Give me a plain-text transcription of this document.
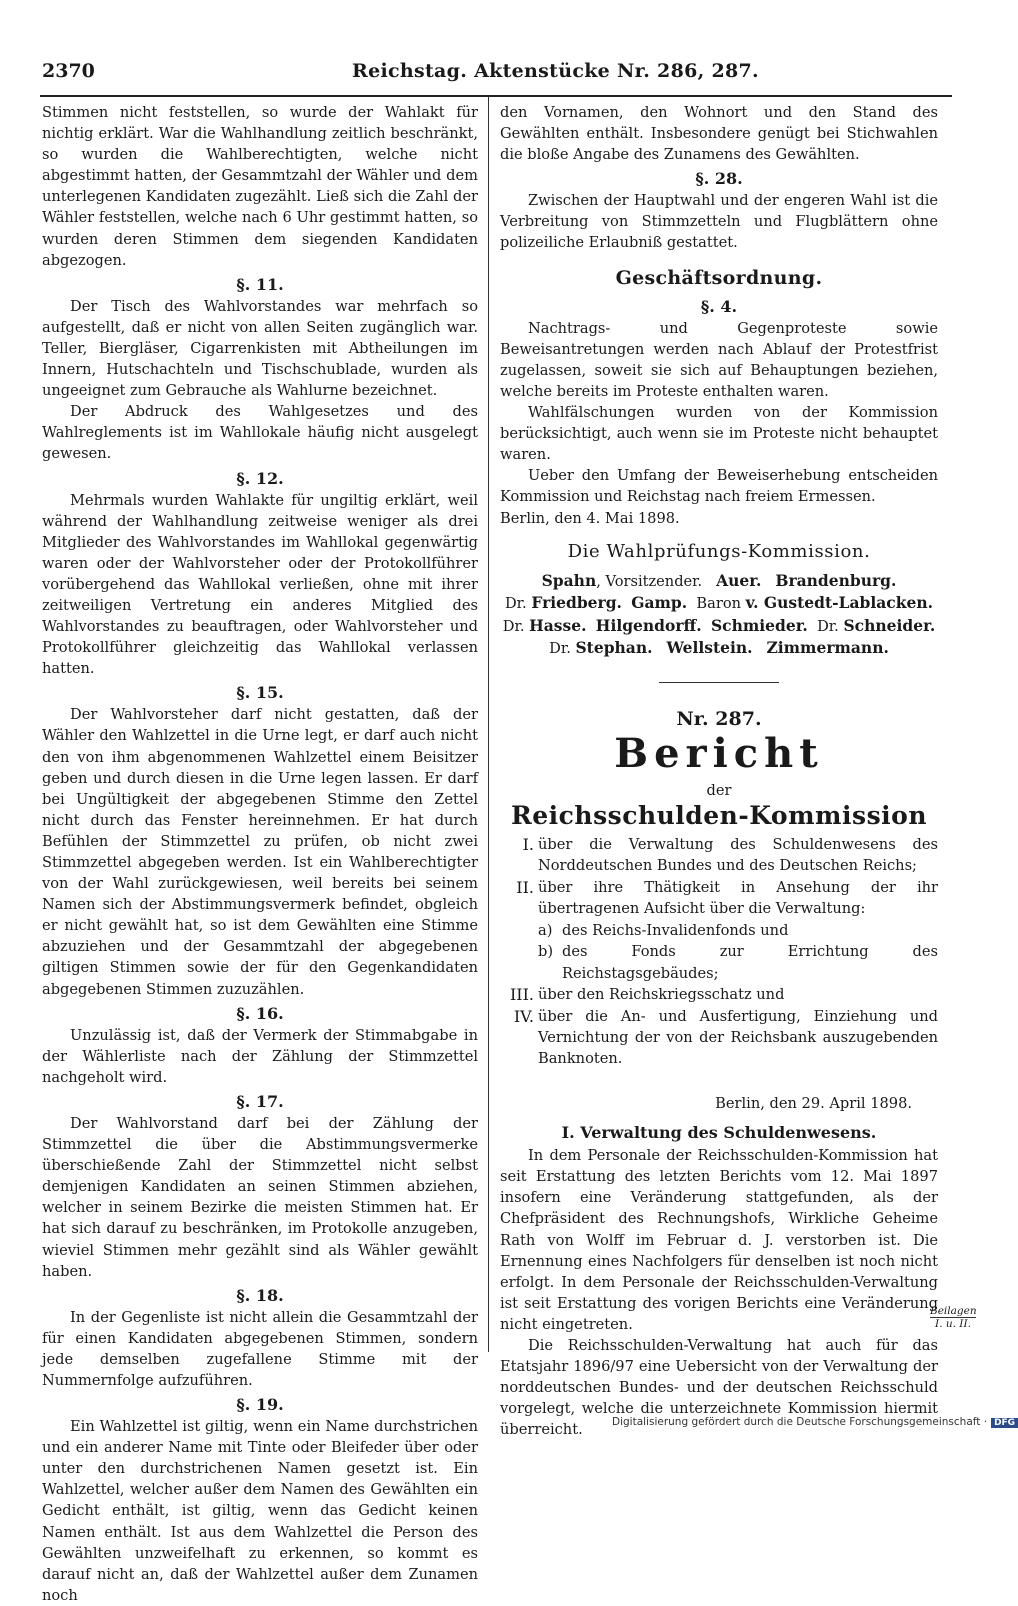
2370	Reichstag. Aktenstücke Nr. 286, 287.

Stimmen nicht feststellen, so wurde der Wahlakt für nichtig erklärt. War die Wahlhandlung zeitlich beschränkt, so wurden die Wahlberechtigten, welche nicht abgestimmt hatten, der Gesammtzahl der Wähler und dem unterlegenen Kandidaten zugezählt. Ließ sich die Zahl der Wähler feststellen, welche nach 6 Uhr gestimmt hatten, so wurden deren Stimmen dem siegenden Kandidaten abgezogen.

§. 11.

Der Tisch des Wahlvorstandes war mehrfach so aufgestellt, daß er nicht von allen Seiten zugänglich war. Teller, Biergläser, Cigarrenkisten mit Abtheilungen im Innern, Hutschachteln und Tischschublade, wurden als ungeeignet zum Gebrauche als Wahlurne bezeichnet.

Der Abdruck des Wahlgesetzes und des Wahlreglements ist im Wahllokale häufig nicht ausgelegt gewesen.

§. 12.

Mehrmals wurden Wahlakte für ungiltig erklärt, weil während der Wahlhandlung zeitweise weniger als drei Mitglieder des Wahlvorstandes im Wahllokal gegenwärtig waren oder der Wahlvorsteher oder der Protokollführer vorübergehend das Wahllokal verließen, ohne mit ihrer zeitweiligen Vertretung ein anderes Mitglied des Wahlvorstandes zu beauftragen, oder Wahlvorsteher und Protokollführer gleichzeitig das Wahllokal verlassen hatten.

§. 15.

Der Wahlvorsteher darf nicht gestatten, daß der Wähler den Wahlzettel in die Urne legt, er darf auch nicht den von ihm abgenommenen Wahlzettel einem Beisitzer geben und durch diesen in die Urne legen lassen. Er darf bei Ungültigkeit der abgegebenen Stimme den Zettel nicht durch das Fenster hereinnehmen. Er hat durch Befühlen der Stimmzettel zu prüfen, ob nicht zwei Stimmzettel abgegeben werden. Ist ein Wahlberechtigter von der Wahl zurückgewiesen, weil bereits bei seinem Namen sich der Abstimmungsvermerk befindet, obgleich er nicht gewählt hat, so ist dem Gewählten eine Stimme abzuziehen und der Gesammtzahl der abgegebenen giltigen Stimmen sowie der für den Gegenkandidaten abgegebenen Stimmen zuzuzählen.

§. 16.

Unzulässig ist, daß der Vermerk der Stimmabgabe in der Wählerliste nach der Zählung der Stimmzettel nachgeholt wird.

§. 17.

Der Wahlvorstand darf bei der Zählung der Stimmzettel die über die Abstimmungsvermerke überschießende Zahl der Stimmzettel nicht selbst demjenigen Kandidaten an seinen Stimmen abziehen, welcher in seinem Bezirke die meisten Stimmen hat. Er hat sich darauf zu beschränken, im Protokolle anzugeben, wieviel Stimmen mehr gezählt sind als Wähler gewählt haben.

§. 18.

In der Gegenliste ist nicht allein die Gesammtzahl der für einen Kandidaten abgegebenen Stimmen, sondern jede demselben zugefallene Stimme mit der Nummernfolge aufzuführen.

§. 19.

Ein Wahlzettel ist giltig, wenn ein Name durchstrichen und ein anderer Name mit Tinte oder Bleifeder über oder unter den durchstrichenen Namen gesetzt ist. Ein Wahlzettel, welcher außer dem Namen des Gewählten ein Gedicht enthält, ist giltig, wenn das Gedicht keinen Namen enthält. Ist aus dem Wahlzettel die Person des Gewählten unzweifelhaft zu erkennen, so kommt es darauf nicht an, daß der Wahlzettel außer dem Zunamen noch

den Vornamen, den Wohnort und den Stand des Gewählten enthält. Insbesondere genügt bei Stichwahlen die bloße Angabe des Zunamens des Gewählten.

§. 28.

Zwischen der Hauptwahl und der engeren Wahl ist die Verbreitung von Stimmzetteln und Flugblättern ohne polizeiliche Erlaubniß gestattet.

Geschäftsordnung.
§. 4.

Nachtrags- und Gegenproteste sowie Beweisantretungen werden nach Ablauf der Protestfrist zugelassen, soweit sie sich auf Behauptungen beziehen, welche bereits im Proteste enthalten waren.

Wahlfälschungen wurden von der Kommission berücksichtigt, auch wenn sie im Proteste nicht behauptet waren.

Ueber den Umfang der Beweiserhebung entscheiden Kommission und Reichstag nach freiem Ermessen.

Berlin, den 4. Mai 1898.

Die Wahlprüfungs-Kommission.
Spahn, Vorsitzender. Auer. Brandenburg.
Dr. Friedberg. Gamp. Baron v. Gustedt-Lablacken.
Dr. Hasse. Hilgendorff. Schmieder. Dr. Schneider.
Dr. Stephan. Wellstein. Zimmermann.
Nr. 287.
Bericht
der
Reichsschulden-Kommission
I. über die Verwaltung des Schuldenwesens des Norddeutschen Bundes und des Deutschen Reichs;
II. über ihre Thätigkeit in Ansehung der ihr übertragenen Aufsicht über die Verwaltung:
a) des Reichs-Invalidenfonds und
b) des Fonds zur Errichtung des Reichstagsgebäudes;
III. über den Reichskriegsschatz und
IV. über die An- und Ausfertigung, Einziehung und Vernichtung der von der Reichsbank auszugebenden Banknoten.
Berlin, den 29. April 1898.
I. Verwaltung des Schuldenwesens.

In dem Personale der Reichsschulden-Kommission hat seit Erstattung des letzten Berichts vom 12. Mai 1897 insofern eine Veränderung stattgefunden, als der Chefpräsident des Rechnungshofs, Wirkliche Geheime Rath von Wolff im Februar d. J. verstorben ist. Die Ernennung eines Nachfolgers für denselben ist noch nicht erfolgt. In dem Personale der Reichsschulden-Verwaltung ist seit Erstattung des vorigen Berichts eine Veränderung nicht eingetreten.

Die Reichsschulden-Verwaltung hat auch für das Etatsjahr 1896/97 eine Uebersicht von der Verwaltung der norddeutschen Bundes- und der deutschen Reichsschuld vorgelegt, welche die unterzeichnete Kommission hiermit überreicht.

Beilagen
I. u. II.
Digitalisierung gefördert durch die Deutsche Forschungsgemeinschaft · DFG
